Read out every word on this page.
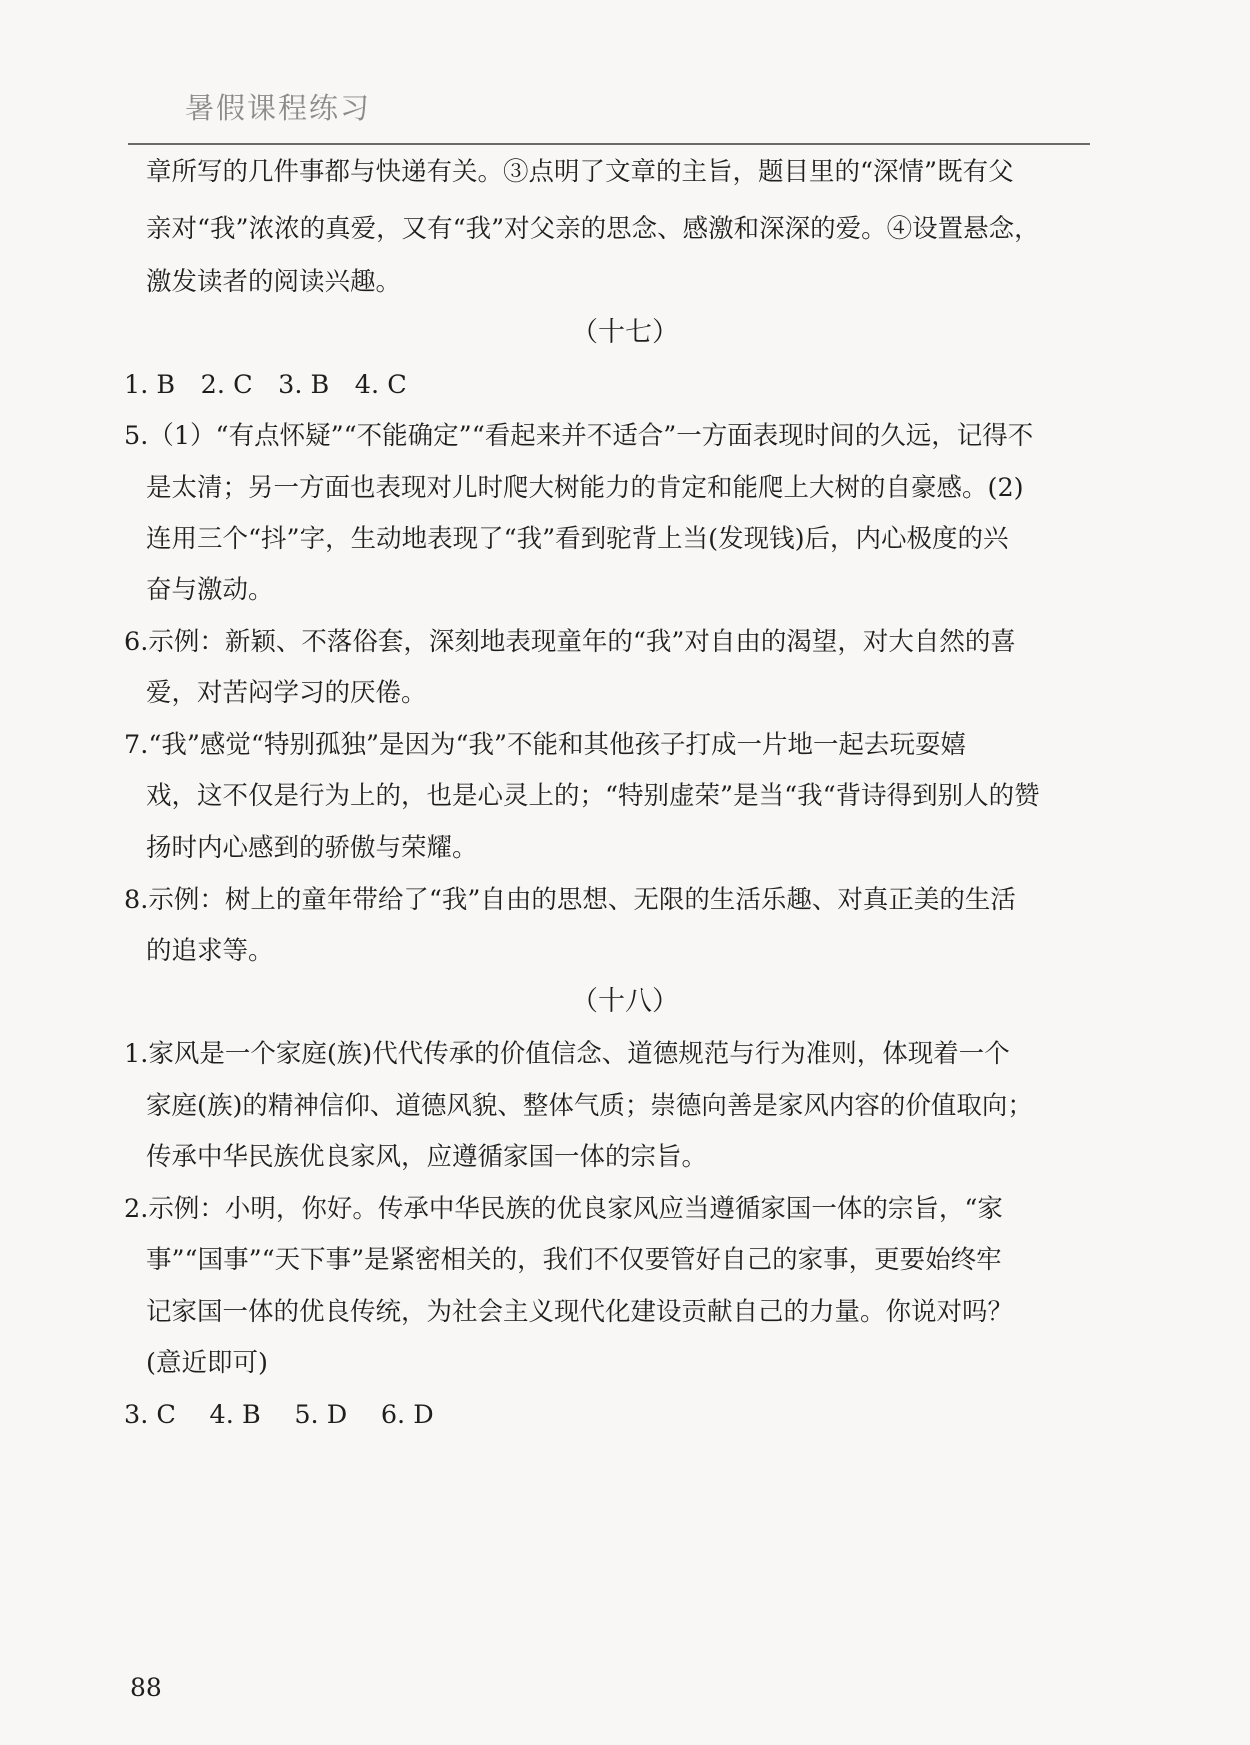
暑假课程练习
章所写的几件事都与快递有关。③点明了文章的主旨，题目里的“深情”既有父
亲对“我”浓浓的真爱，又有“我”对父亲的思念、感激和深深的爱。④设置悬念，
激发读者的阅读兴趣。
（十七）
1. B　2. C　3. B　4. C
5.（1）“有点怀疑”“不能确定”“看起来并不适合”一方面表现时间的久远，记得不
是太清；另一方面也表现对儿时爬大树能力的肯定和能爬上大树的自豪感。(2)
连用三个“抖”字，生动地表现了“我”看到驼背上当(发现钱)后，内心极度的兴
奋与激动。
6.示例：新颖、不落俗套，深刻地表现童年的“我”对自由的渴望，对大自然的喜
爱，对苦闷学习的厌倦。
7.“我”感觉“特别孤独”是因为“我”不能和其他孩子打成一片地一起去玩耍嬉
戏，这不仅是行为上的，也是心灵上的；“特别虚荣”是当“我“背诗得到别人的赞
扬时内心感到的骄傲与荣耀。
8.示例：树上的童年带给了“我”自由的思想、无限的生活乐趣、对真正美的生活
的追求等。
（十八）
1.家风是一个家庭(族)代代传承的价值信念、道德规范与行为准则，体现着一个
家庭(族)的精神信仰、道德风貌、整体气质；崇德向善是家风内容的价值取向；
传承中华民族优良家风，应遵循家国一体的宗旨。
2.示例：小明，你好。传承中华民族的优良家风应当遵循家国一体的宗旨，“家
事”“国事”“天下事”是紧密相关的，我们不仅要管好自己的家事，更要始终牢
记家国一体的优良传统，为社会主义现代化建设贡献自己的力量。你说对吗？
(意近即可)
3. C　 4. B　 5. D　 6. D
88
